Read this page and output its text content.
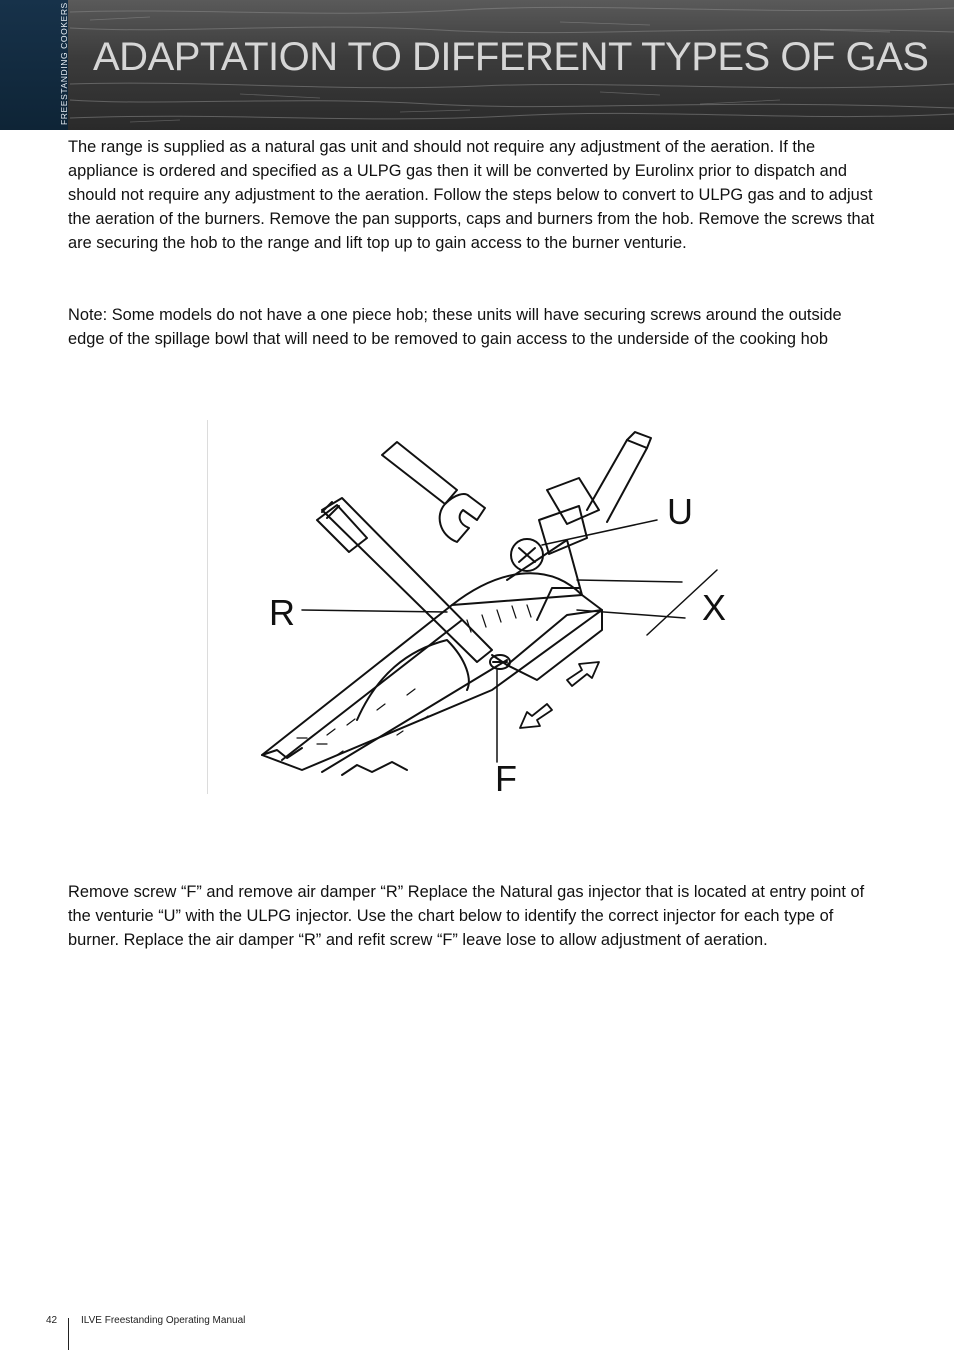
FREESTANDING COOKERS ADAPTATION TO DIFFERENT TYPES OF GAS

The range is supplied as a natural gas unit and should not require any adjustment of the aeration. If the appliance is ordered and specified as a ULPG gas then it will be converted by Eurolinx prior to dispatch and should not require any adjustment to the aeration. Follow the steps below to convert to ULPG gas and to adjust the aeration of the burners. Remove the pan supports, caps and burners from the hob. Remove the screws that are securing the hob to the range and lift top up to gain access to the burner venturie.

Note: Some models do not have a one piece hob; these units will have securing screws around the outside edge of the spillage bowl that will need to be removed to gain access to the underside of the cooking hob

U
R	X
F

Remove screw “F” and remove air damper “R” Replace the Natural gas injector that is located at entry point of the venturie “U” with the ULPG injector. Use the chart below to identify the correct injector for each type of burner. Replace the air damper “R” and refit screw “F” leave lose to allow adjustment of aeration.

42 ILVE Freestanding Operating Manual
